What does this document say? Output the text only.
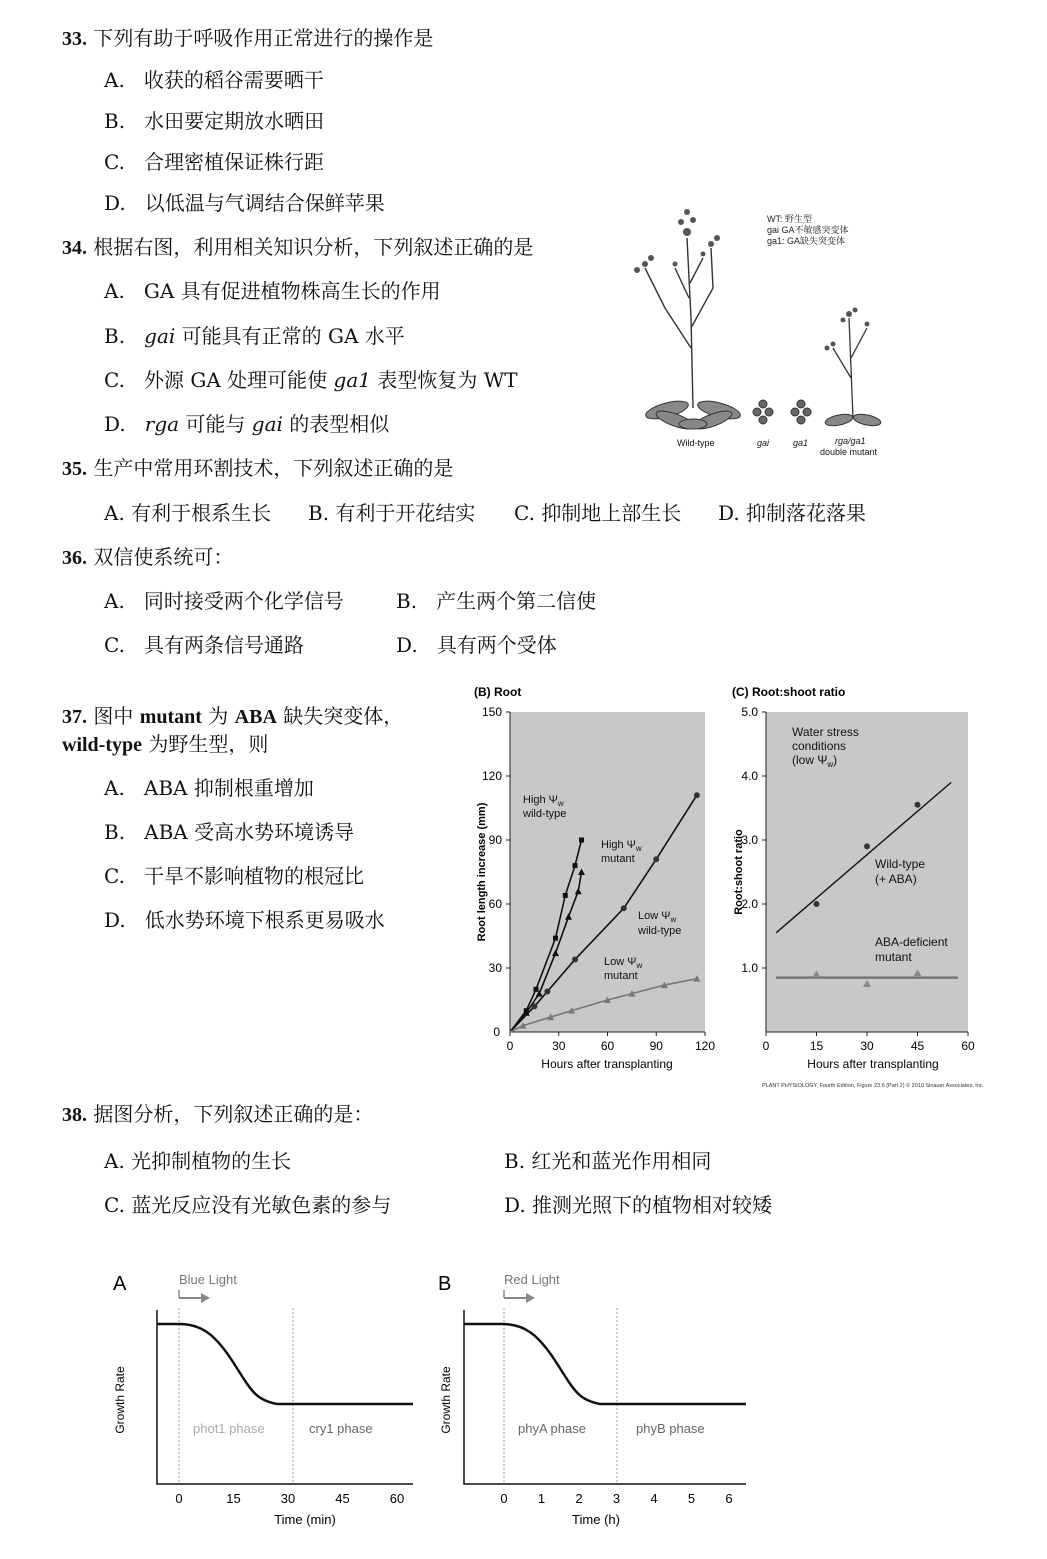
33. 下列有助于呼吸作用正常进行的操作是
A. 收获的稻谷需要晒干
B. 水田要定期放水晒田
C. 合理密植保证株行距
D. 以低温与气调结合保鲜苹果
34. 根据右图，利用相关知识分析，下列叙述正确的是
A. GA 具有促进植物株高生长的作用
B. gai 可能具有正常的 GA 水平
C. 外源 GA 处理可能使 ga1 表型恢复为 WT
D. rga 可能与 gai 的表型相似
WT: 野生型
gai GA不敏感突变体
ga1: GA缺失突变体
Wild-type	gai	ga1	rga/ga1
double mutant
35. 生产中常用环割技术，下列叙述正确的是
A. 有利于根系生长 B. 有利于开花结实 C. 抑制地上部生长 D. 抑制落花落果
36. 双信使系统可：
A. 同时接受两个化学信号	B. 产生两个第二信使
C. 具有两条信号通路	D. 具有两个受体
37. 图中 mutant 为 ABA 缺失突变体，
wild-type 为野生型，则
A. ABA 抑制根重增加
B. ABA 受高水势环境诱导
C. 干旱不影响植物的根冠比
D. 低水势环境下根系更易吸水
(B) Root
0	30	60	90	120
0
30
60
90
120
150
Hours after transplanting
Root length increase (mm)
High $\Psi_w$
wild-type
High $\Psi_w$
mutant
Low $\Psi_w$
wild-type
Low $\Psi_w$
mutant
(C) Root:shoot ratio
0	15	30	45	60
1.0
2.0
3.0
4.0
5.0
Hours after transplanting
Root:shoot ratio
Water stress
conditions
(low $\Psi_w$)
Wild-type
(+ ABA)
ABA-deficient
mutant
PLANT PHYSIOLOGY, Fourth Edition, Figure 23.6 (Part 2) © 2010 Sinauer Associates, Inc.
38. 据图分析，下列叙述正确的是：
A. 光抑制植物的生长	B. 红光和蓝光作用相同
C. 蓝光反应没有光敏色素的参与	D. 推测光照下的植物相对较矮
A	Blue Light
phot1 phase	cry1 phase
Growth Rate
0	15	30	45	60
Time (min)
B	Red Light
phyA phase	phyB phase
Growth Rate
0 1 2 3 4 5 6
Time (h)
